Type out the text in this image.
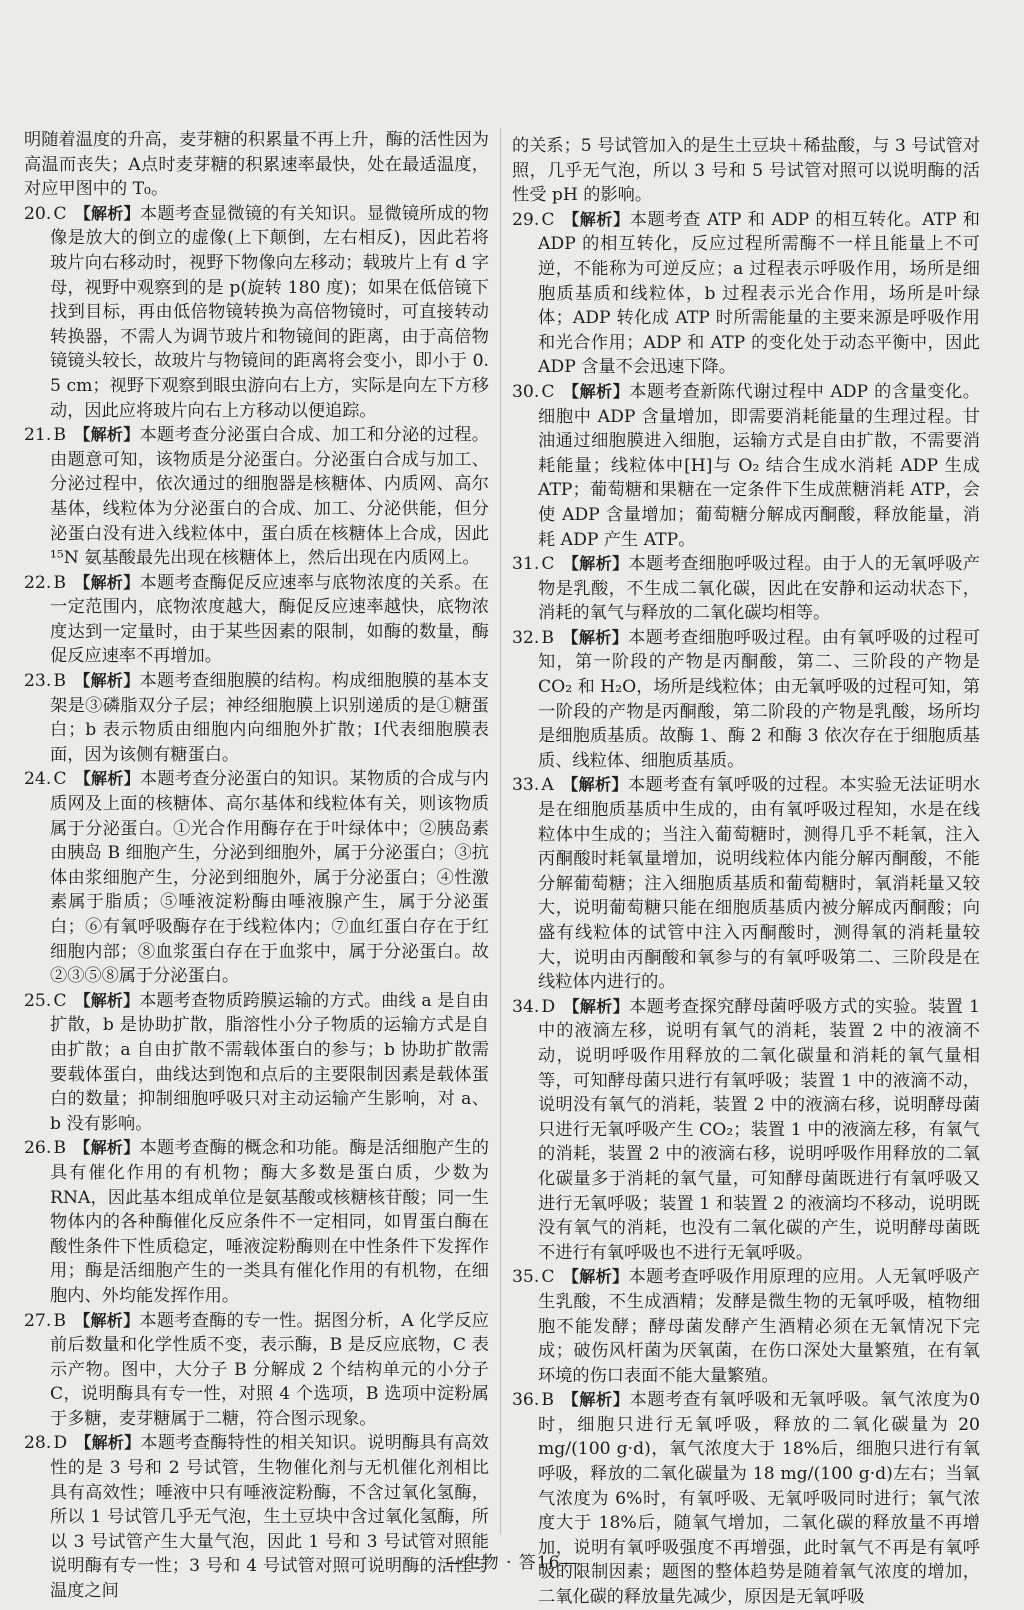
明随着温度的升高，麦芽糖的积累量不再上升，酶的活性因为高温而丧失；A点时麦芽糖的积累速率最快，处在最适温度，对应甲图中的 T₀。

20. C 【解析】本题考查显微镜的有关知识。显微镜所成的物像是放大的倒立的虚像(上下颠倒，左右相反)，因此若将玻片向右移动时，视野下物像向左移动；载玻片上有 d 字母，视野中观察到的是 p(旋转 180 度)；如果在低倍镜下找到目标，再由低倍物镜转换为高倍物镜时，可直接转动转换器，不需人为调节玻片和物镜间的距离，由于高倍物镜镜头较长，故玻片与物镜间的距离将会变小，即小于 0. 5 cm；视野下观察到眼虫游向右上方，实际是向左下方移动，因此应将玻片向右上方移动以便追踪。

21. B 【解析】本题考查分泌蛋白合成、加工和分泌的过程。由题意可知，该物质是分泌蛋白。分泌蛋白合成与加工、分泌过程中，依次通过的细胞器是核糖体、内质网、高尔基体，线粒体为分泌蛋白的合成、加工、分泌供能，但分泌蛋白没有进入线粒体中，蛋白质在核糖体上合成，因此¹⁵N 氨基酸最先出现在核糖体上，然后出现在内质网上。

22. B 【解析】本题考查酶促反应速率与底物浓度的关系。在一定范围内，底物浓度越大，酶促反应速率越快，底物浓度达到一定量时，由于某些因素的限制，如酶的数量，酶促反应速率不再增加。

23. B 【解析】本题考查细胞膜的结构。构成细胞膜的基本支架是③磷脂双分子层；神经细胞膜上识别递质的是①糖蛋白；b 表示物质由细胞内向细胞外扩散；Ⅰ代表细胞膜表面，因为该侧有糖蛋白。

24. C 【解析】本题考查分泌蛋白的知识。某物质的合成与内质网及上面的核糖体、高尔基体和线粒体有关，则该物质属于分泌蛋白。①光合作用酶存在于叶绿体中；②胰岛素由胰岛 B 细胞产生，分泌到细胞外，属于分泌蛋白；③抗体由浆细胞产生，分泌到细胞外，属于分泌蛋白；④性激素属于脂质；⑤唾液淀粉酶由唾液腺产生，属于分泌蛋白；⑥有氧呼吸酶存在于线粒体内；⑦血红蛋白存在于红细胞内部；⑧血浆蛋白存在于血浆中，属于分泌蛋白。故②③⑤⑧属于分泌蛋白。

25. C 【解析】本题考查物质跨膜运输的方式。曲线 a 是自由扩散，b 是协助扩散，脂溶性小分子物质的运输方式是自由扩散；a 自由扩散不需载体蛋白的参与；b 协助扩散需要载体蛋白，曲线达到饱和点后的主要限制因素是载体蛋白的数量；抑制细胞呼吸只对主动运输产生影响，对 a、b 没有影响。

26. B 【解析】本题考查酶的概念和功能。酶是活细胞产生的具有催化作用的有机物；酶大多数是蛋白质，少数为 RNA，因此基本组成单位是氨基酸或核糖核苷酸；同一生物体内的各种酶催化反应条件不一定相同，如胃蛋白酶在酸性条件下性质稳定，唾液淀粉酶则在中性条件下发挥作用；酶是活细胞产生的一类具有催化作用的有机物，在细胞内、外均能发挥作用。

27. B 【解析】本题考查酶的专一性。据图分析，A 化学反应前后数量和化学性质不变，表示酶，B 是反应底物，C 表示产物。图中，大分子 B 分解成 2 个结构单元的小分子 C，说明酶具有专一性，对照 4 个选项，B 选项中淀粉属于多糖，麦芽糖属于二糖，符合图示现象。

28. D 【解析】本题考查酶特性的相关知识。说明酶具有高效性的是 3 号和 2 号试管，生物催化剂与无机催化剂相比具有高效性；唾液中只有唾液淀粉酶，不含过氧化氢酶，所以 1 号试管几乎无气泡，生土豆块中含过氧化氢酶，所以 3 号试管产生大量气泡，因此 1 号和 3 号试管对照能说明酶有专一性；3 号和 4 号试管对照可说明酶的活性与温度之间

的关系；5 号试管加入的是生土豆块＋稀盐酸，与 3 号试管对照，几乎无气泡，所以 3 号和 5 号试管对照可以说明酶的活性受 pH 的影响。

29. C 【解析】本题考查 ATP 和 ADP 的相互转化。ATP 和 ADP 的相互转化，反应过程所需酶不一样且能量上不可逆，不能称为可逆反应；a 过程表示呼吸作用，场所是细胞质基质和线粒体，b 过程表示光合作用，场所是叶绿体；ADP 转化成 ATP 时所需能量的主要来源是呼吸作用和光合作用；ADP 和 ATP 的变化处于动态平衡中，因此 ADP 含量不会迅速下降。

30. C 【解析】本题考查新陈代谢过程中 ADP 的含量变化。细胞中 ADP 含量增加，即需要消耗能量的生理过程。甘油通过细胞膜进入细胞，运输方式是自由扩散，不需要消耗能量；线粒体中[H]与 O₂ 结合生成水消耗 ADP 生成 ATP；葡萄糖和果糖在一定条件下生成蔗糖消耗 ATP，会使 ADP 含量增加；葡萄糖分解成丙酮酸，释放能量，消耗 ADP 产生 ATP。

31. C 【解析】本题考查细胞呼吸过程。由于人的无氧呼吸产物是乳酸，不生成二氧化碳，因此在安静和运动状态下，消耗的氧气与释放的二氧化碳均相等。

32. B 【解析】本题考查细胞呼吸过程。由有氧呼吸的过程可知，第一阶段的产物是丙酮酸，第二、三阶段的产物是 CO₂ 和 H₂O，场所是线粒体；由无氧呼吸的过程可知，第一阶段的产物是丙酮酸，第二阶段的产物是乳酸，场所均是细胞质基质。故酶 1、酶 2 和酶 3 依次存在于细胞质基质、线粒体、细胞质基质。

33. A 【解析】本题考查有氧呼吸的过程。本实验无法证明水是在细胞质基质中生成的，由有氧呼吸过程知，水是在线粒体中生成的；当注入葡萄糖时，测得几乎不耗氧，注入丙酮酸时耗氧量增加，说明线粒体内能分解丙酮酸，不能分解葡萄糖；注入细胞质基质和葡萄糖时，氧消耗量又较大，说明葡萄糖只能在细胞质基质内被分解成丙酮酸；向盛有线粒体的试管中注入丙酮酸时，测得氧的消耗量较大，说明由丙酮酸和氧参与的有氧呼吸第二、三阶段是在线粒体内进行的。

34. D 【解析】本题考查探究酵母菌呼吸方式的实验。装置 1 中的液滴左移，说明有氧气的消耗，装置 2 中的液滴不动，说明呼吸作用释放的二氧化碳量和消耗的氧气量相等，可知酵母菌只进行有氧呼吸；装置 1 中的液滴不动，说明没有氧气的消耗，装置 2 中的液滴右移，说明酵母菌只进行无氧呼吸产生 CO₂；装置 1 中的液滴左移，有氧气的消耗，装置 2 中的液滴右移，说明呼吸作用释放的二氧化碳量多于消耗的氧气量，可知酵母菌既进行有氧呼吸又进行无氧呼吸；装置 1 和装置 2 的液滴均不移动，说明既没有氧气的消耗，也没有二氧化碳的产生，说明酵母菌既不进行有氧呼吸也不进行无氧呼吸。

35. C 【解析】本题考查呼吸作用原理的应用。人无氧呼吸产生乳酸，不生成酒精；发酵是微生物的无氧呼吸，植物细胞不能发酵；酵母菌发酵产生酒精必须在无氧情况下完成；破伤风杆菌为厌氧菌，在伤口深处大量繁殖，在有氧环境的伤口表面不能大量繁殖。

36. B 【解析】本题考查有氧呼吸和无氧呼吸。氧气浓度为0时，细胞只进行无氧呼吸，释放的二氧化碳量为 20 mg/(100 g·d)，氧气浓度大于 18%后，细胞只进行有氧呼吸，释放的二氧化碳量为 18 mg/(100 g·d)左右；当氧气浓度为 6%时，有氧呼吸、无氧呼吸同时进行；氧气浓度大于 18%后，随氧气增加，二氧化碳的释放量不再增加，说明有氧呼吸强度不再增强，此时氧气不再是有氧呼吸的限制因素；题图的整体趋势是随着氧气浓度的增加，二氧化碳的释放量先减少，原因是无氧呼吸

—生物 · 答16—
